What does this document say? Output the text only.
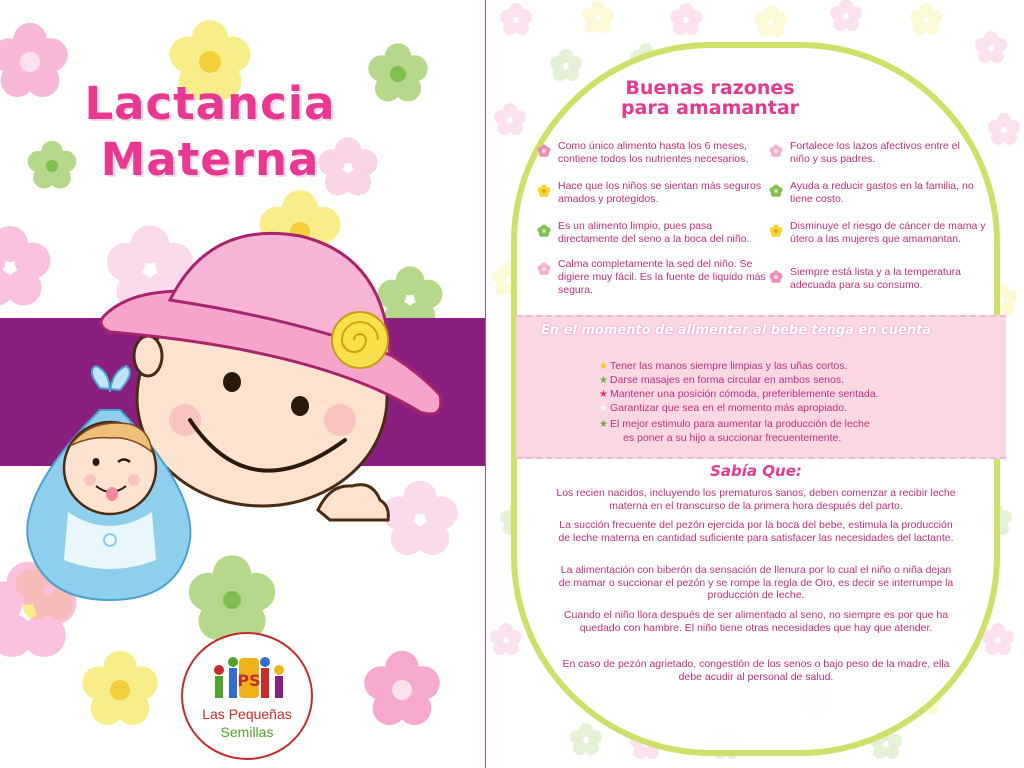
Lactancia Materna
PS
Las Pequeñas
Semillas
Buenas razones para amamantar
Como único alimento hasta los 6 meses, contiene todos los nutrientes necesarios.
Hace que los niños se sientan más seguros amados y protegidos.
Es un alimento limpio, pues pasa directamente del seno a la boca del niño.
Calma completamente la sed del niño. Se digiere muy fácil. Es la fuente de liquido más segura.
Fortalece los lazos afectivos entre el niño y sus padres.
Ayuda a reducir gastos en la familia, no tiene costo.
Disminuye el riesgo de cáncer de mama y útero a las mujeres que amamantan.
Siempre está lista y a la temperatura adecuada para su consumo.
En el momento de alimentar al bebe tenga en cuenta
★ Tener las manos siempre limpias y las uñas cortos.
★ Darse masajes en forma circular en ambos senos.
★ Mantener una posición cómoda, preferiblemente sentada.
★ Garantizar que sea en el momento más apropiado.
★ El mejor estimulo para aumentar la producción de leche
es poner a su hijo a succionar frecuentemente.
Sabía Que:

Los recien nacidos, incluyendo los prematuros sanos, deben comenzar a recibir leche materna en el transcurso de la primera hora después del parto.

La succión frecuente del pezón ejercida por la boca del bebe, estimula la producción de leche materna en cantidad suficiente para satisfacer las necesidades del lactante.

La alimentación con biberón da sensación de llenura por lo cual el niño o niña dejan de mamar o succionar el pezón y se rompe la regla de Oro, es decir se interrumpe la producción de leche.

Cuando el niño llora después de ser alimentado al seno, no siempre es por que ha quedado con hambre. El niño tiene otras necesidades que hay que atender.

En caso de pezón agrietado, congestión de los senos o bajo peso de la madre, ella debe acudir al personal de salud.
